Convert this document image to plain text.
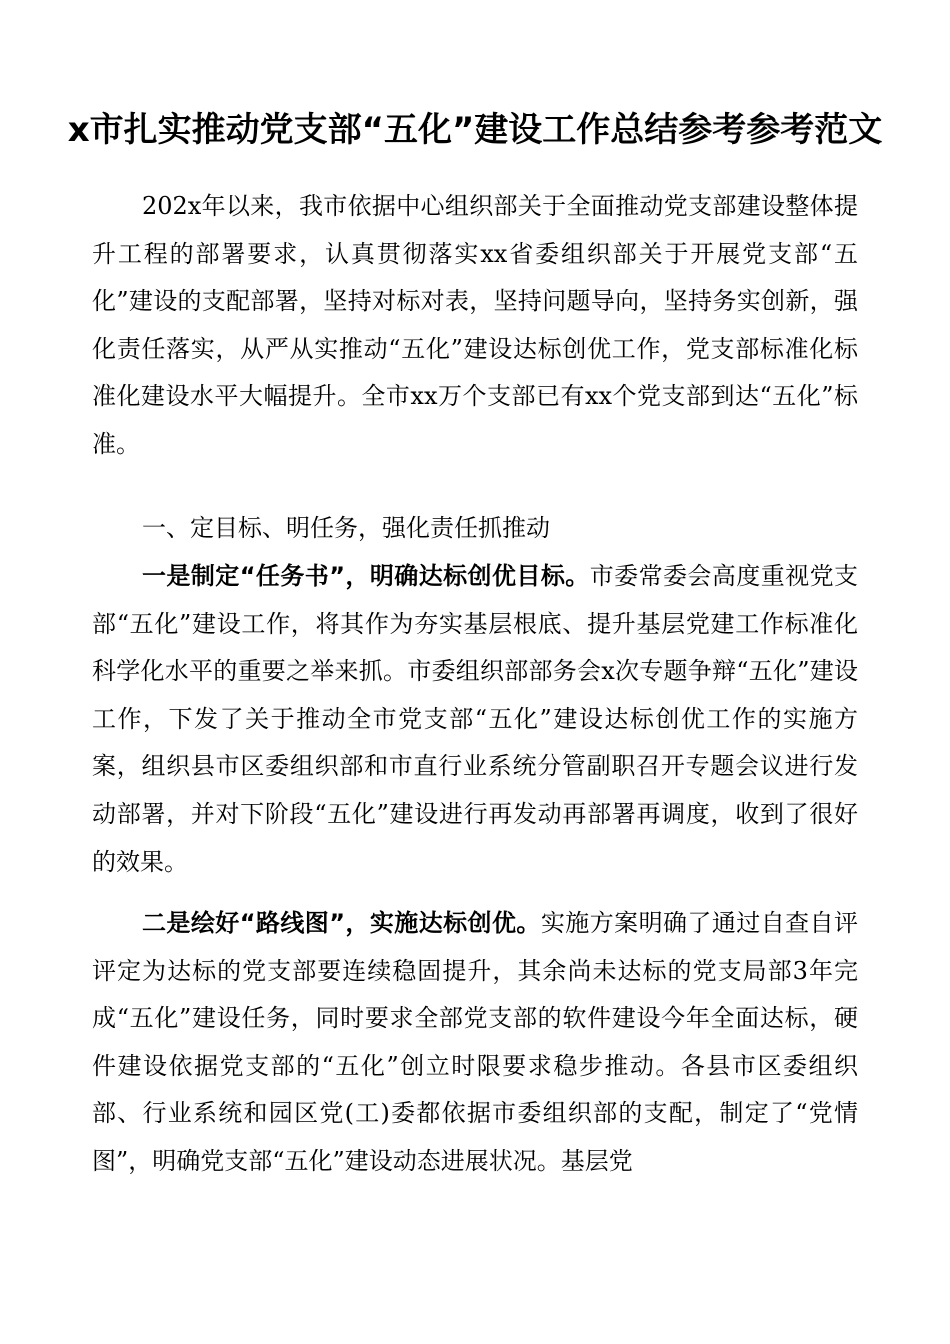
x市扎实推动党支部“五化”建设工作总结参考参考范文

202x年以来，我市依据中心组织部关于全面推动党支部建设整体提升工程的部署要求，认真贯彻落实xx省委组织部关于开展党支部“五化”建设的支配部署，坚持对标对表，坚持问题导向，坚持务实创新，强化责任落实，从严从实推动“五化”建设达标创优工作，党支部标准化标准化建设水平大幅提升。全市xx万个支部已有xx个党支部到达“五化”标准。

一、定目标、明任务，强化责任抓推动

一是制定“任务书”，明确达标创优目标。市委常委会高度重视党支部“五化”建设工作，将其作为夯实基层根底、提升基层党建工作标准化科学化水平的重要之举来抓。市委组织部部务会x次专题争辩“五化”建设工作，下发了关于推动全市党支部“五化”建设达标创优工作的实施方案，组织县市区委组织部和市直行业系统分管副职召开专题会议进行发动部署，并对下阶段“五化”建设进行再发动再部署再调度，收到了很好的效果。

二是绘好“路线图”，实施达标创优。实施方案明确了通过自查自评评定为达标的党支部要连续稳固提升，其余尚未达标的党支局部3年完成“五化”建设任务，同时要求全部党支部的软件建设今年全面达标，硬件建设依据党支部的“五化”创立时限要求稳步推动。各县市区委组织部、行业系统和园区党(工)委都依据市委组织部的支配，制定了“党情图”，明确党支部“五化”建设动态进展状况。基层党
